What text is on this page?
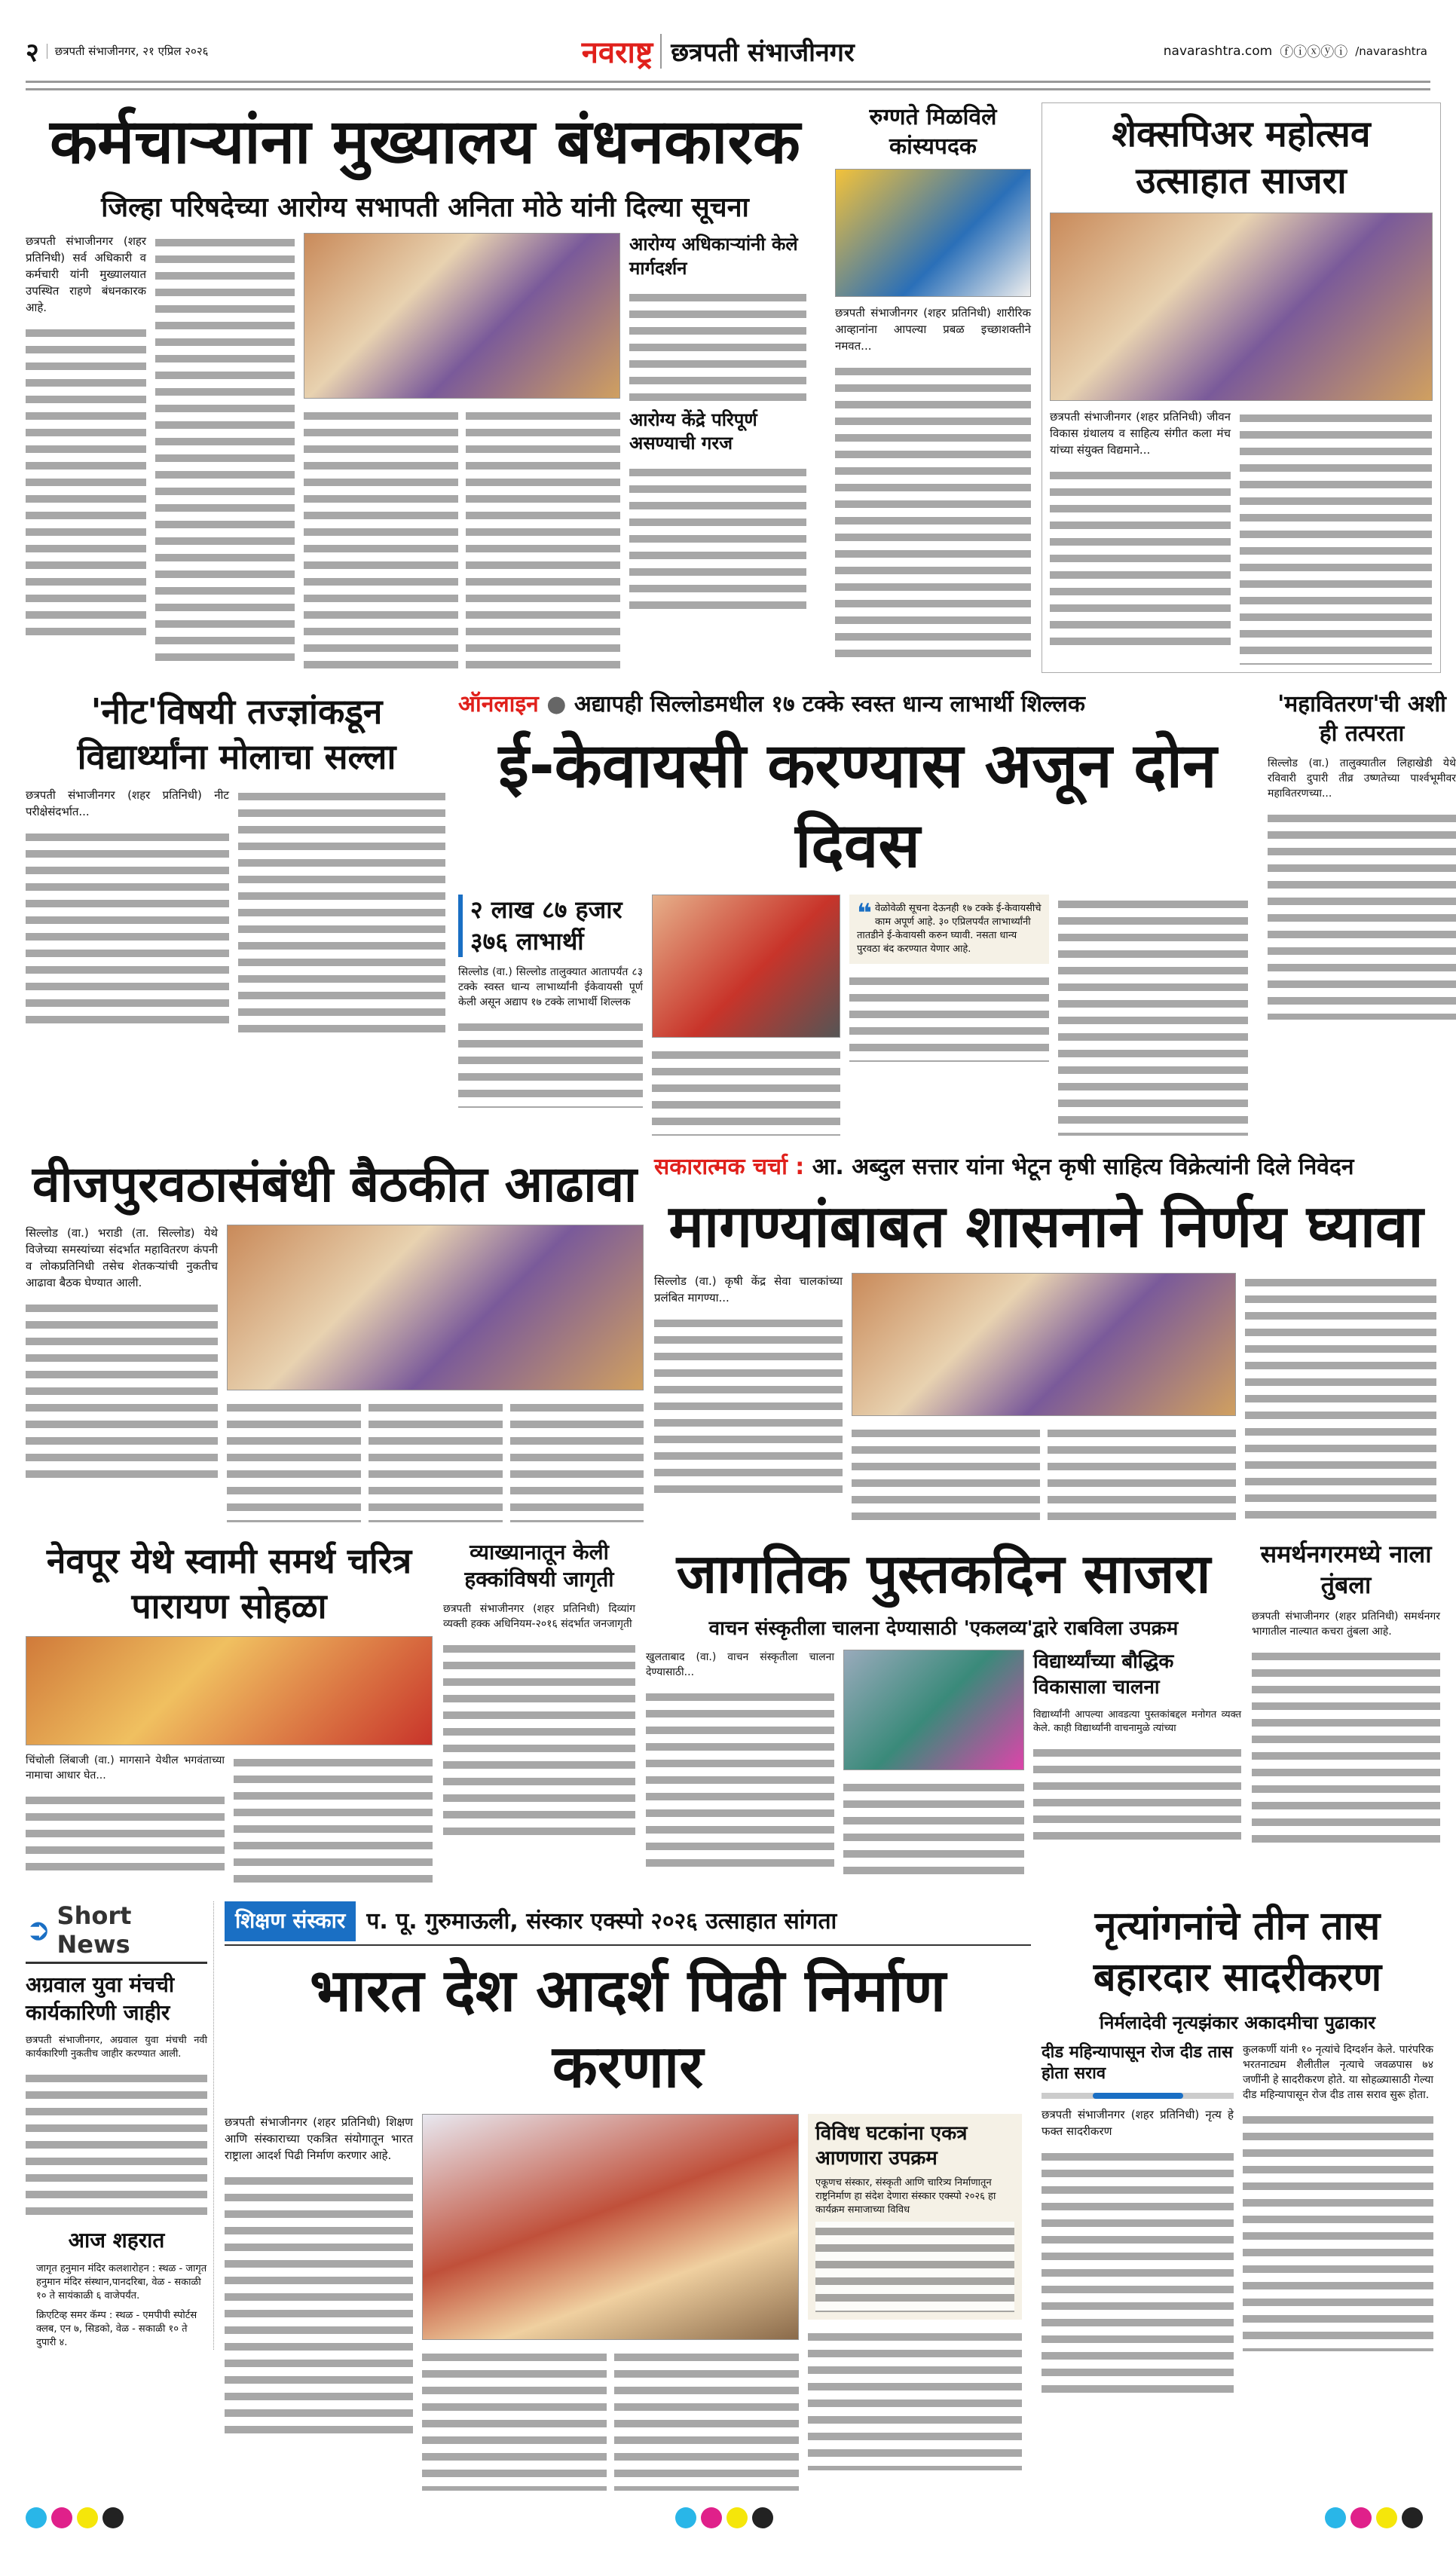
२	छत्रपती संभाजीनगर, २१ एप्रिल २०२६	नवराष्ट्र छत्रपती संभाजीनगर	navarashtra.com ⓕⓘⓧⓨⓘ /navarashtra
कर्मचाऱ्यांना मुख्यालय बंधनकारक
जिल्हा परिषदेच्या आरोग्य सभापती अनिता मोठे यांनी दिल्या सूचना
छत्रपती संभाजीनगर (शहर प्रतिनिधी) सर्व अधिकारी व कर्मचारी यांनी मुख्यालयात उपस्थित राहणे बंधनकारक आहे.
आरोग्य अधिकाऱ्यांनी केले मार्गदर्शन
आरोग्य केंद्रे परिपूर्ण असण्याची गरज
रुग्णते मिळविले कांस्यपदक
छत्रपती संभाजीनगर (शहर प्रतिनिधी) शारीरिक आव्हानांना आपल्या प्रबळ इच्छाशक्तीने नमवत...
शेक्सपिअर महोत्सव उत्साहात साजरा
छत्रपती संभाजीनगर (शहर प्रतिनिधी) जीवन विकास ग्रंथालय व साहित्य संगीत कला मंच यांच्या संयुक्त विद्यमाने...
'नीट'विषयी तज्ज्ञांकडून विद्यार्थ्यांना मोलाचा सल्ला
छत्रपती संभाजीनगर (शहर प्रतिनिधी) नीट परीक्षेसंदर्भात...
ऑनलाइन ● अद्यापही सिल्लोडमधील १७ टक्के स्वस्त धान्य लाभार्थी शिल्लक
ई-केवायसी करण्यास अजून दोन दिवस
२ लाख ८७ हजार ३७६ लाभार्थी
सिल्लोड (वा.) सिल्लोड तालुक्यात आतापर्यंत ८३ टक्के स्वस्त धान्य लाभार्थ्यांनी ईकेवायसी पूर्ण केली असून अद्याप १७ टक्के लाभार्थी शिल्लक
❝ वेळोवेळी सूचना देऊनही १७ टक्के ई-केवायसीचे काम अपूर्ण आहे. ३० एप्रिलपर्यंत लाभार्थ्यांनी तातडीने ई-केवायसी करुन घ्यावी. नसता धान्य पुरवठा बंद करण्यात येणार आहे.
'महावितरण'ची अशी ही तत्परता
सिल्लोड (वा.) तालुक्यातील लिहाखेडी येथे रविवारी दुपारी तीव्र उष्णतेच्या पार्श्वभूमीवर महावितरणच्या...
वीजपुरवठासंबंधी बैठकीत आढावा
सिल्लोड (वा.) भराडी (ता. सिल्लोड) येथे विजेच्या समस्यांच्या संदर्भात महावितरण कंपनी व लोकप्रतिनिधी तसेच शेतकऱ्यांची नुकतीच आढावा बैठक घेण्यात आली.
सकारात्मक चर्चा : आ. अब्दुल सत्तार यांना भेटून कृषी साहित्य विक्रेत्यांनी दिले निवेदन
मागण्यांबाबत शासनाने निर्णय घ्यावा
सिल्लोड (वा.) कृषी केंद्र सेवा चालकांच्या प्रलंबित मागण्या...
नेवपूर येथे स्वामी समर्थ चरित्र पारायण सोहळा
चिंचोली लिंबाजी (वा.) मागसाने येथील भगवंताच्या नामाचा आधार घेत...
व्याख्यानातून केली हक्कांविषयी जागृती
छत्रपती संभाजीनगर (शहर प्रतिनिधी) दिव्यांग व्यक्ती हक्क अधिनियम-२०१६ संदर्भात जनजागृती
जागतिक पुस्तकदिन साजरा
वाचन संस्कृतीला चालना देण्यासाठी 'एकलव्य'द्वारे राबविला उपक्रम
खुलताबाद (वा.) वाचन संस्कृतीला चालना देण्यासाठी...	विद्यार्थ्यांच्या बौद्धिक विकासाला चालना
विद्यार्थ्यांनी आपल्या आवडत्या पुस्तकांबद्दल मनोगत व्यक्त केले. काही विद्यार्थ्यांनी वाचनामुळे त्यांच्या
समर्थनगरमध्ये नाला तुंबला
छत्रपती संभाजीनगर (शहर प्रतिनिधी) समर्थनगर भागातील नाल्यात कचरा तुंबला आहे.
➲ Short News
अग्रवाल युवा मंचची कार्यकारिणी जाहीर
छत्रपती संभाजीनगर, अग्रवाल युवा मंचची नवी कार्यकारिणी नुकतीच जाहीर करण्यात आली.
आज शहरात
जागृत हनुमान मंदिर कलशारोहन : स्थळ - जागृत हनुमान मंदिर संस्थान,पानदरिबा, वेळ - सकाळी १० ते सायंकाळी ६ वाजेपर्यंत.
क्रिएटिव्ह समर कॅम्प : स्थळ - एमपीपी स्पोर्टस क्लब, एन ७, सिडको, वेळ - सकाळी १० ते दुपारी ४.
शिक्षण संस्कार प. पू. गुरुमाऊली, संस्कार एक्स्पो २०२६ उत्साहात सांगता
भारत देश आदर्श पिढी निर्माण करणार
छत्रपती संभाजीनगर (शहर प्रतिनिधी) शिक्षण आणि संस्काराच्या एकत्रित संयोगातून भारत राष्ट्राला आदर्श पिढी निर्माण करणार आहे.
विविध घटकांना एकत्र आणणारा उपक्रम
एकूणच संस्कार, संस्कृती आणि चारित्र्य निर्माणातून राष्ट्रनिर्माण हा संदेश देणारा संस्कार एक्स्पो २०२६ हा कार्यक्रम समाजाच्या विविध
नृत्यांगनांचे तीन तास बहारदार सादरीकरण
निर्मलादेवी नृत्यझंकार अकादमीचा पुढाकार
दीड महिन्यापासून रोज दीड तास होता सराव
छत्रपती संभाजीनगर (शहर प्रतिनिधी) नृत्य हे फक्त सादरीकरण
कुलकर्णी यांनी १० नृत्यांचे दिग्दर्शन केले. पारंपरिक भरतनाट्यम शैलीतील नृत्याचे जवळपास ७४ जणींनी हे सादरीकरण होते. या सोहळ्यासाठी गेल्या दीड महिन्यापासून रोज दीड तास सराव सुरू होता.
